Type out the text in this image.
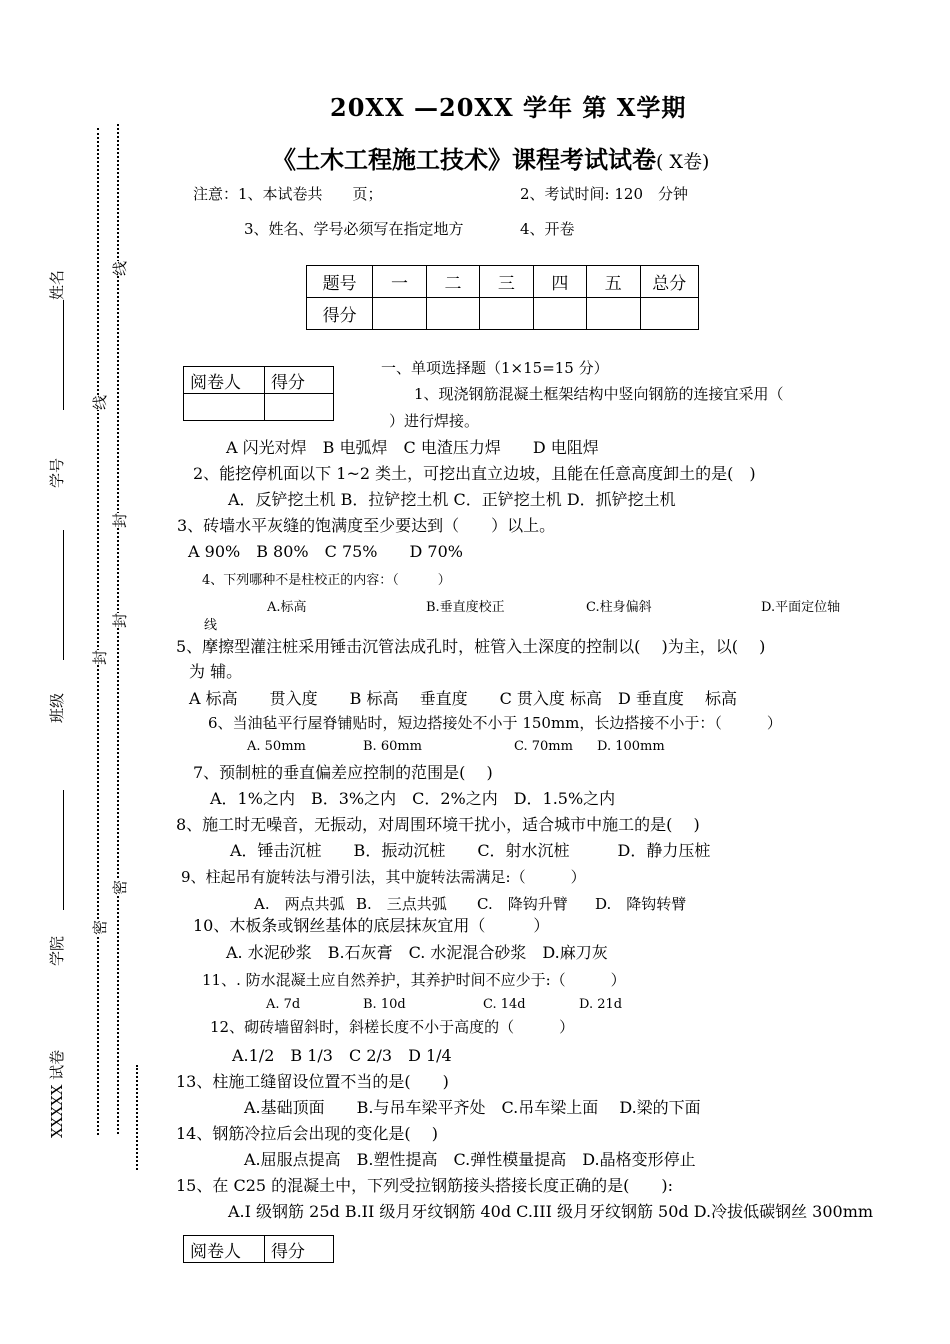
姓名
学号
班级
学院
XXXXX 试卷
线
线
封
封
封
密
密
20XX —20XX 学年 第 X学期
《土木工程施工技术》课程考试试卷( X卷)
注意：1、本试卷共　　页；	2、考试时间: 120　分钟
3、姓名、学号必须写在指定地方	4、开卷
题号	一	二	三	四	五	总分
得分						
阅卷人	得分

一、单项选择题（1×15=15 分）
1、现浇钢筋混凝土框架结构中竖向钢筋的连接宜采用（
）进行焊接。
A 闪光对焊　B 电弧焊　C 电渣压力焊　　D 电阻焊
2、能挖停机面以下 1~2 类土，可挖出直立边坡，且能在任意高度卸土的是(　)
A．反铲挖土机 B．拉铲挖土机 C．正铲挖土机 D．抓铲挖土机
3、砖墙水平灰缝的饱满度至少要达到（　　）以上。
A 90%　B 80%　C 75%　　D 70%
4、下列哪种不是柱校正的内容：（　　　）
A.标高	B.垂直度校正	C.柱身偏斜	D.平面定位轴
线
5、摩擦型灌注桩采用锤击沉管法成孔时，桩管入土深度的控制以(　 )为主，以(　 )
为 辅。
A 标高　　贯入度　　B 标高　 垂直度　　C 贯入度 标高　D 垂直度　 标高
6、当油毡平行屋脊铺贴时，短边搭接处不小于 150mm，长边搭接不小于：（　　　）
A. 50mm	B. 60mm	C. 70mm D. 100mm
7、预制桩的垂直偏差应控制的范围是(　 )
A．1%之内　B．3%之内　C．2%之内　D．1.5%之内
8、施工时无噪音，无振动，对周围环境干扰小，适合城市中施工的是(　 )
A．锤击沉桩　　B．振动沉桩　　C．射水沉桩　　　D．静力压桩
9、柱起吊有旋转法与滑引法，其中旋转法需满足:（　　　）
A.　两点共弧 B.　三点共弧 C.　降钩升臂 D.　降钩转臂
10、木板条或钢丝基体的底层抹灰宜用（　　　）
A. 水泥砂浆　B.石灰膏　C. 水泥混合砂浆　D.麻刀灰
11、. 防水混凝土应自然养护，其养护时间不应少于:（　　　）
A. 7d	B. 10d	C. 14d	D. 21d
12、砌砖墙留斜时，斜槎长度不小于高度的（　　　）
A.1/2　B 1/3　C 2/3　D 1/4
13、柱施工缝留设位置不当的是(　　)
A.基础顶面　　B.与吊车梁平齐处　C.吊车梁上面　 D.梁的下面
14、钢筋冷拉后会出现的变化是(　 )
A.屈服点提高　B.塑性提高　C.弹性模量提高　D.晶格变形停止
15、在 C25 的混凝土中，下列受拉钢筋接头搭接长度正确的是(　　):
A.I 级钢筋 25d B.II 级月牙纹钢筋 40d C.III 级月牙纹钢筋 50d D.冷拔低碳钢丝 300mm
阅卷人	得分
